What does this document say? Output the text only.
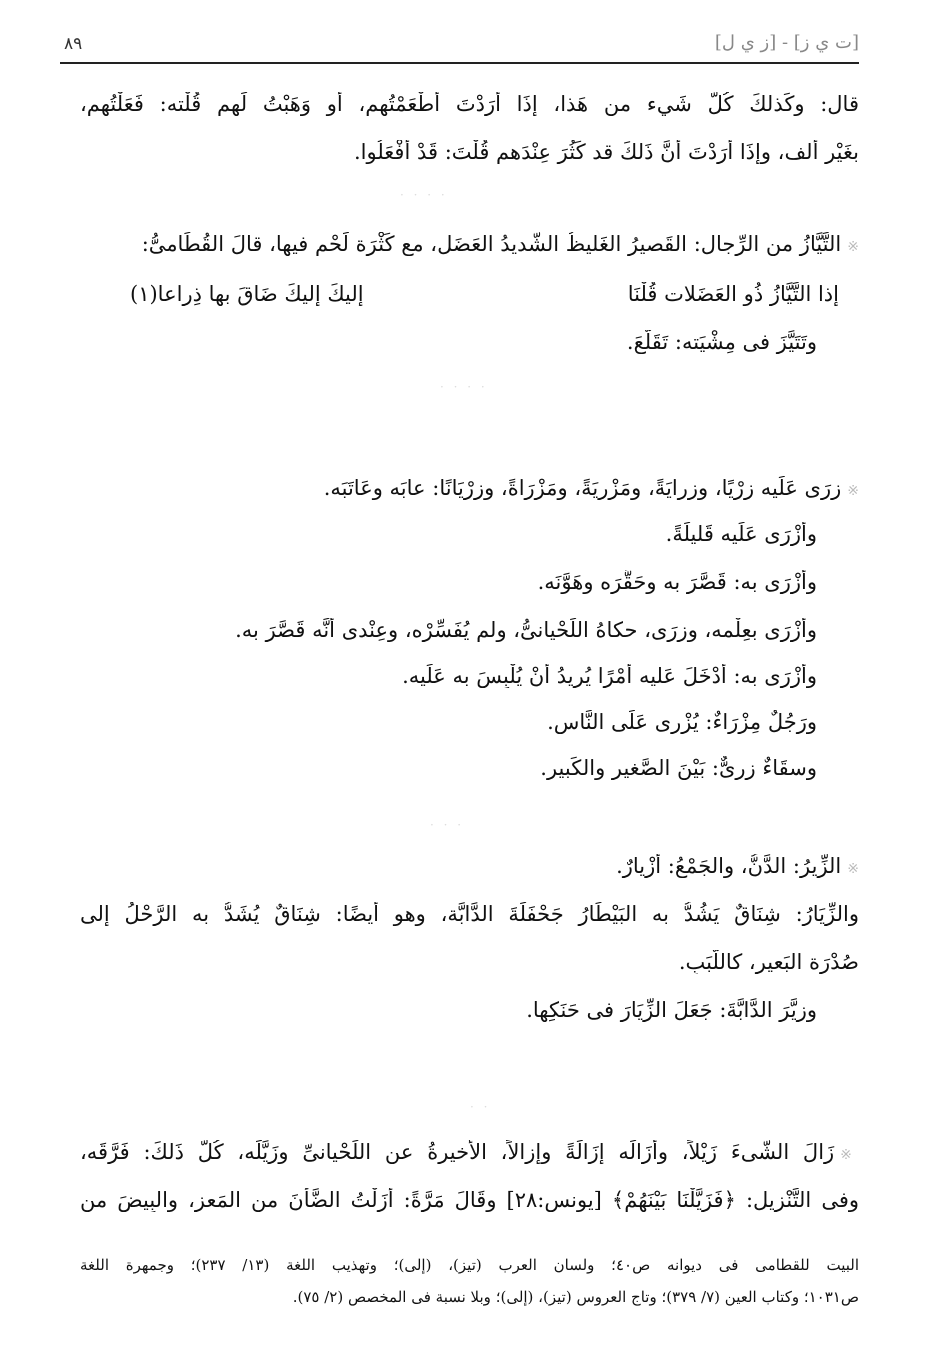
٨٩	[ت ي ز] - [ز ي ل]
قال: وكَذلكَ كُلُّ شَيء من هَذا، إذَا أَرَدْتَ أَطْعَمْتُهم، أو وَهَبْتُ لَهم قُلْته: فَعَلْتُهم،
بغَيْرِ ألف، وإذَا أَرَدْتَ أَنَّ ذَلكَ قد كَثُرَ عِنْدَهم قُلْتَ: قَدْ أَفْعَلُوا.
· · · ·
※التَّيَّازُ من الرِّجال: القَصيرُ الغَليظُ الشَّديدُ العَضَلِ، مع كَثْرَة لَحْم فيها، قالَ القُطَامىُّ:
إذا التَّيَّازُ ذُو العَضَلات قُلْنَا
إليكَ إليكَ ضَاقَ بها ذِراعا(١)
وتَتَيَّزَ فى مِشْيَته: تَقَلَّعَ.
· · · ·
※زرَى عَلَيه زرْيًا، وزرايَةً، ومَزْريَةً، ومَزْرَاةً، وزرْيَانًا: عابَه وعَاتَبَه.
وأزْرَى عَلَيه قَليلَةً.
وأزْرَى به: قَصَّرَ به وحَقَّرَه وهَوَّنَه.
وأزْرَى بعِلْمه، وزرَى، حكاهُ اللِّحْيانىُّ، ولم يُفَسِّرْه، وعِنْدى أَنَّه قَصَّرَ به.
وأزْرَى به: أَدْخَلَ عَليه أَمْرًا يُريدُ أَنْ يُلْبِسَ به عَلَيه.
ورَجُلٌ مِزْرَاءٌ: يُزْرى عَلَى النَّاسِ.
وسقَاءٌ زرِىٌّ: بَيْنَ الصَّغيرِ والكَبيرِ.
· · ·
※الزِّيرُ: الدَّنُّ، والجَمْعُ: أَزْيارٌ.
والزِّيَارُ: شِنَاقٌ يَشُدُّ به البَيْطَارُ جَحْفَلَةَ الدَّابَّة، وهو أيضًا: شِنَاقٌ يُشَدُّ به الرَّحْلُ إلى
صُدْرَة البَعير، كاللَّبَبِ.
وزيَّرَ الدَّابَّةَ: جَعَلَ الزِّيَارَ فى حَنَكِها.
· ·
※زَالَ الشَّىءَ زَيْلاً، وأَزَالَه إزَالَةً وإزالاً، الأخيرةُ عن اللِّحْيانىِّ وزَيَّلَه، كُلُّ ذَلكَ: فَرَّقَه،
وفى التَّنْزيل: ﴿فَزَيَّلْنَا بَيْنَهُمْ﴾ [يونس:٢٨] وقَالَ مَرَّةً: أَزَلْتُ الضَّأْنَ من المَعزِ، والبِيضَ من
البيت للقطامى فى ديوانه ص٤٠؛ ولسان العرب (تيز)، (إلى)؛ وتهذيب اللغة (١٣/ ٢٣٧)؛ وجمهرة اللغة
ص١٠٣١؛ وكتاب العين (٧/ ٣٧٩)؛ وتاج العروس (تيز)، (إلى)؛ وبلا نسبة فى المخصص (٢/ ٧٥).
